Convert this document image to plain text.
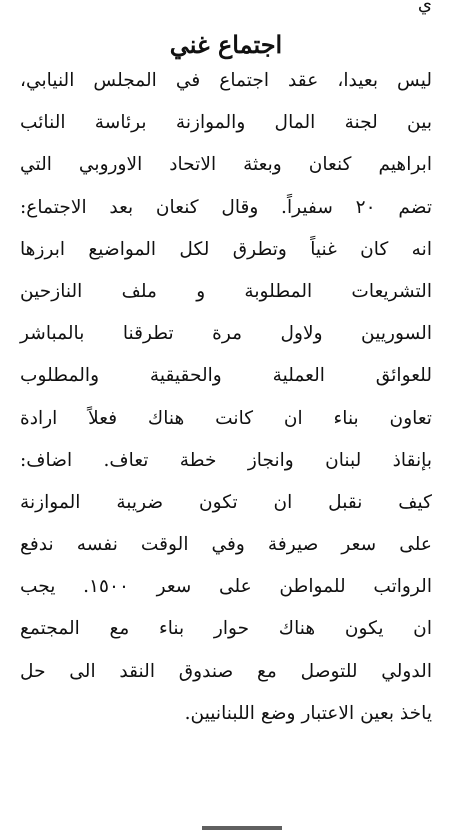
ي
اجتماع غني
ليس بعيدا، عقد اجتماع في المجلس النيابي،
بين لجنة المال والموازنة برئاسة النائب
ابراهيم كنعان وبعثة الاتحاد الاوروبي التي
تضم ٢٠ سفيراً. وقال كنعان بعد الاجتماع:
انه كان غنياً وتطرق لكل المواضيع ابرزها
التشريعات المطلوبة و ملف النازحين
السوريين ولاول مرة تطرقنا بالمباشر
للعوائق العملية والحقيقية والمطلوب
تعاون بناء ان كانت هناك فعلاً ارادة
بإنقاذ لبنان وانجاز خطة تعاف. اضاف:
كيف نقبل ان تكون ضريبة الموازنة
على سعر صيرفة وفي الوقت نفسه ندفع
الرواتب للمواطن على سعر ١٥٠٠. يجب
ان يكون هناك حوار بناء مع المجتمع
الدولي للتوصل مع صندوق النقد الى حل
ياخذ بعين الاعتبار وضع اللبنانيين.
